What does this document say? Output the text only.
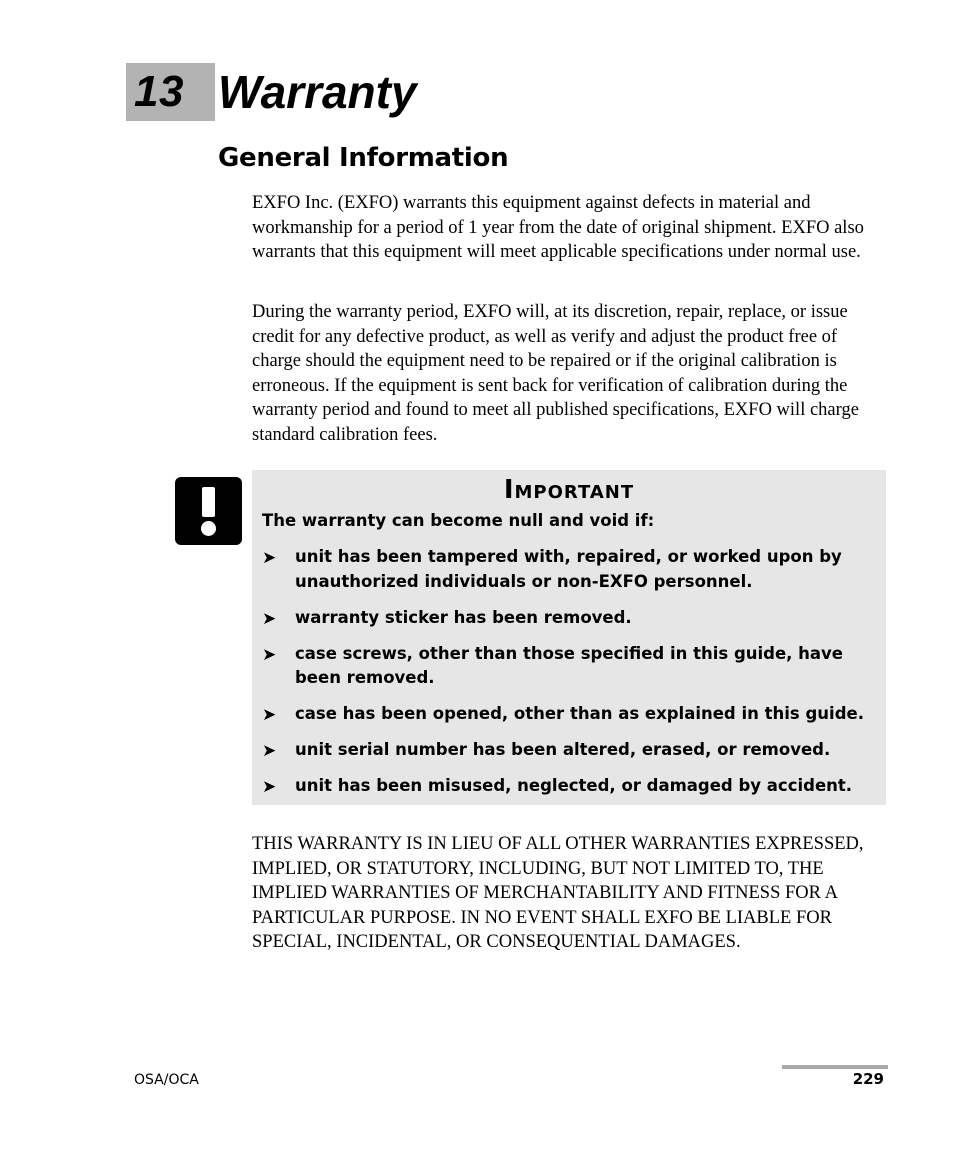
13 Warranty
General Information

EXFO Inc. (EXFO) warrants this equipment against defects in material and workmanship for a period of 1 year from the date of original shipment. EXFO also warrants that this equipment will meet applicable specifications under normal use.

During the warranty period, EXFO will, at its discretion, repair, replace, or issue credit for any defective product, as well as verify and adjust the product free of charge should the equipment need to be repaired or if the original calibration is erroneous. If the equipment is sent back for verification of calibration during the warranty period and found to meet all published specifications, EXFO will charge standard calibration fees.

Important
The warranty can become null and void if:
➤ unit has been tampered with, repaired, or worked upon by unauthorized individuals or non-EXFO personnel.
➤ warranty sticker has been removed.
➤ case screws, other than those specified in this guide, have been removed.
➤ case has been opened, other than as explained in this guide.
➤ unit serial number has been altered, erased, or removed.
➤ unit has been misused, neglected, or damaged by accident.

THIS WARRANTY IS IN LIEU OF ALL OTHER WARRANTIES EXPRESSED, IMPLIED, OR STATUTORY, INCLUDING, BUT NOT LIMITED TO, THE IMPLIED WARRANTIES OF MERCHANTABILITY AND FITNESS FOR A PARTICULAR PURPOSE. IN NO EVENT SHALL EXFO BE LIABLE FOR SPECIAL, INCIDENTAL, OR CONSEQUENTIAL DAMAGES.

OSA/OCA	229
